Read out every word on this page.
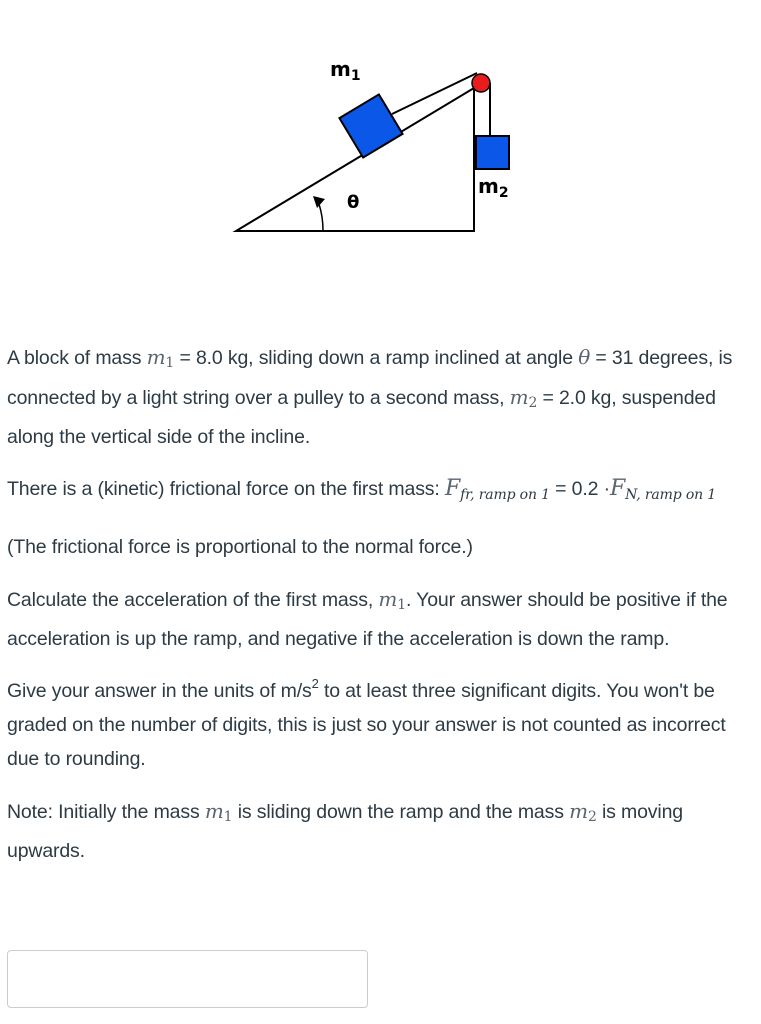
$m_1$
$m_2$
θ

A block of mass $m_1 = 8.0$ kg, sliding down a ramp inclined at angle θ = 31 degrees, is connected by a light string over a pulley to a second mass, $m_2 = 2.0$ kg, suspended along the vertical side of the incline.

There is a (kinetic) frictional force on the first mass: $F_{fr, ramp on 1} = 0.2 \cdot F_{N, ramp on 1}$

(The frictional force is proportional to the normal force.)

Calculate the acceleration of the first mass, $m_1$. Your answer should be positive if the acceleration is up the ramp, and negative if the acceleration is down the ramp.

Give your answer in the units of $m/s^2$ to at least three significant digits. You won't be graded on the number of digits, this is just so your answer is not counted as incorrect due to rounding.

Note: Initially the mass $m_1$ is sliding down the ramp and the mass $m_2$ is moving upwards.
